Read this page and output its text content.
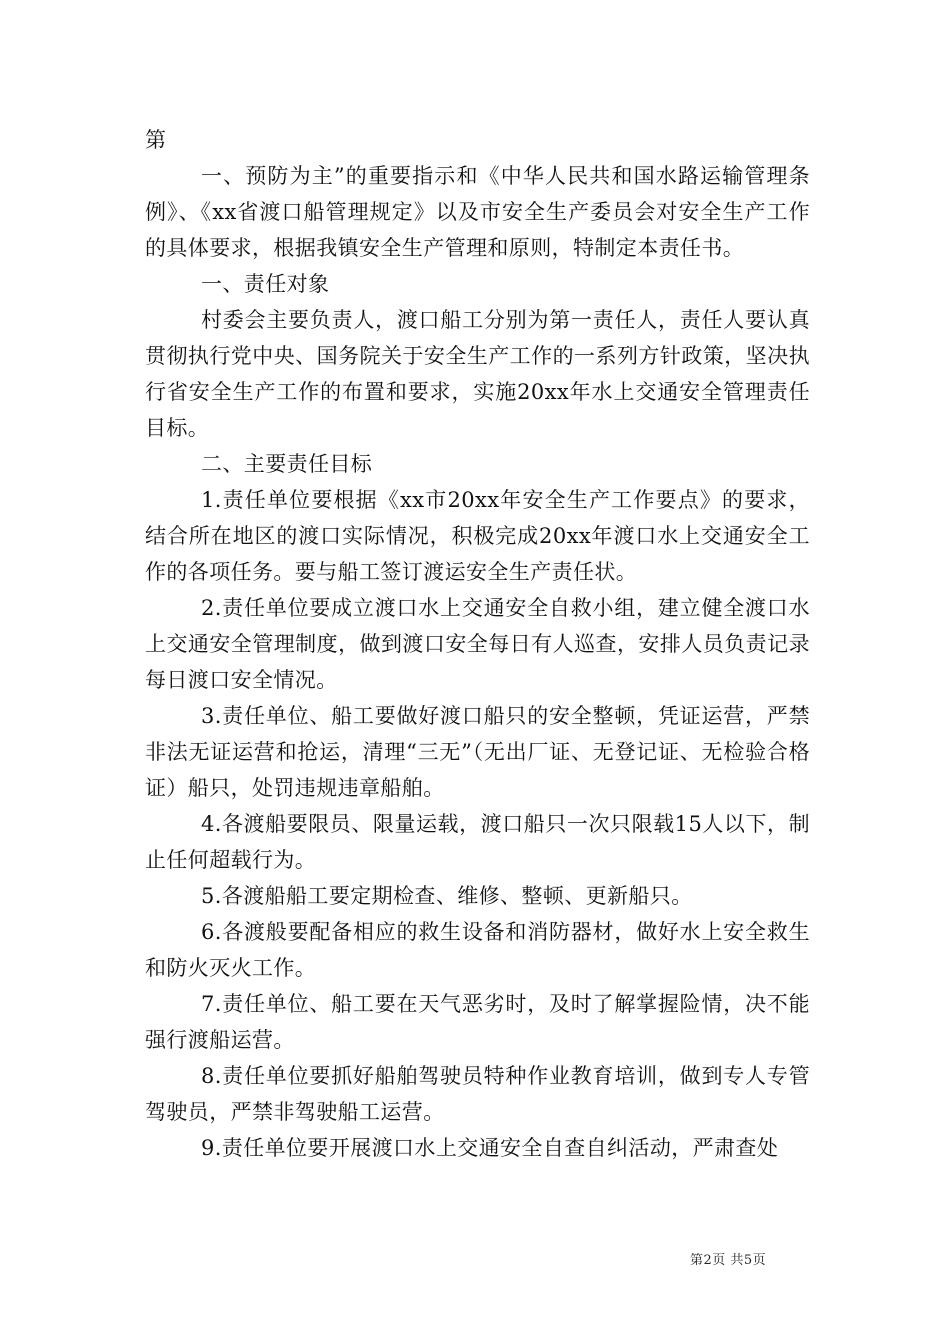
第

一、预防为主”的重要指示和《中华人民共和国水路运输管理条例》、《xx省渡口船管理规定》以及市安全生产委员会对安全生产工作的具体要求，根据我镇安全生产管理和原则，特制定本责任书。

一、责任对象

村委会主要负责人，渡口船工分别为第一责任人，责任人要认真贯彻执行党中央、国务院关于安全生产工作的一系列方针政策，坚决执行省安全生产工作的布置和要求，实施20xx年水上交通安全管理责任目标。

二、主要责任目标

1.责任单位要根据《xx市20xx年安全生产工作要点》的要求，结合所在地区的渡口实际情况，积极完成20xx年渡口水上交通安全工作的各项任务。要与船工签订渡运安全生产责任状。

2.责任单位要成立渡口水上交通安全自救小组，建立健全渡口水上交通安全管理制度，做到渡口安全每日有人巡查，安排人员负责记录每日渡口安全情况。

3.责任单位、船工要做好渡口船只的安全整顿，凭证运营，严禁非法无证运营和抢运，清理“三无”（无出厂证、无登记证、无检验合格证）船只，处罚违规违章船舶。

4.各渡船要限员、限量运载，渡口船只一次只限载15人以下，制止任何超载行为。

5.各渡船船工要定期检查、维修、整顿、更新船只。

6.各渡般要配备相应的救生设备和消防器材，做好水上安全救生和防火灭火工作。

7.责任单位、船工要在天气恶劣时，及时了解掌握险情，决不能强行渡船运营。

8.责任单位要抓好船舶驾驶员特种作业教育培训，做到专人专管驾驶员，严禁非驾驶船工运营。

9.责任单位要开展渡口水上交通安全自查自纠活动，严肃查处

第2页 共5页
